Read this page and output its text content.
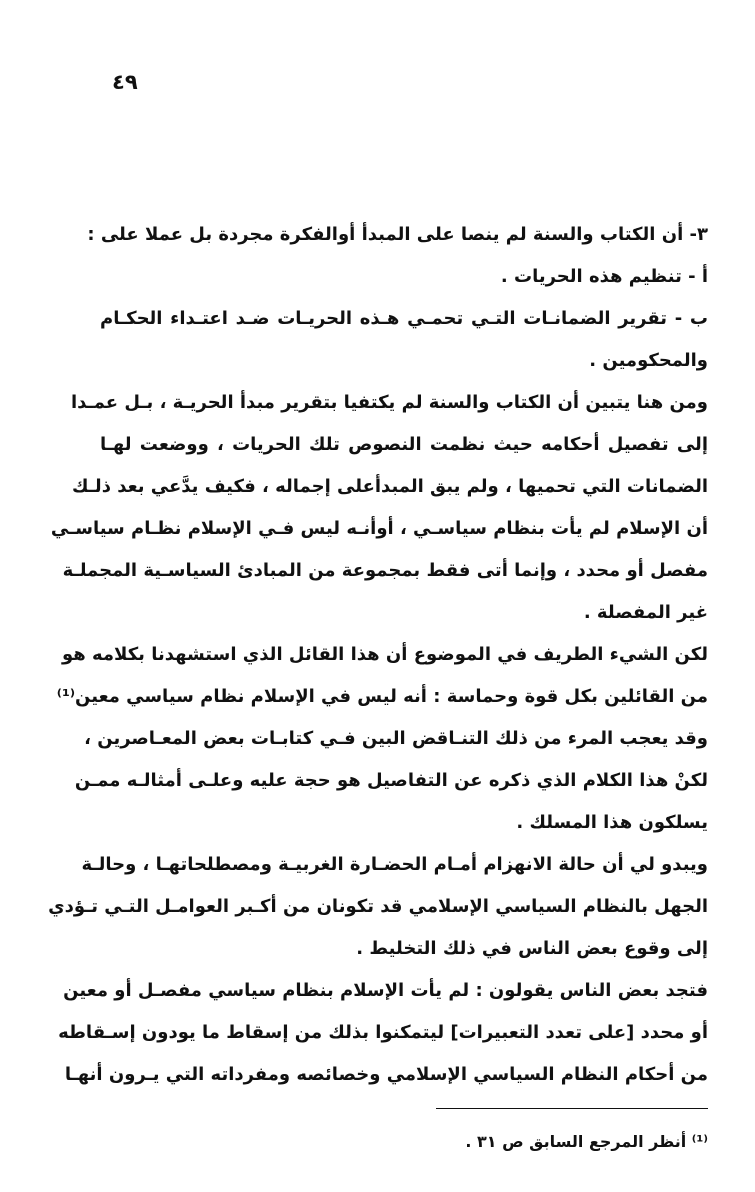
٤٩
٣- أن الكتاب والسنة لم ينصا على المبدأ أوالفكرة مجردة بل عملا على :
أ - تنظيم هذه الحريات .
ب - تقرير الضمانـات التـي تحمـي هـذه الحريـات ضـد اعتـداء الحكـام
والمحكومين .
ومن هنا يتبين أن الكتاب والسنة لم يكتفيا بتقرير مبدأ الحريـة ، بـل عمـدا
إلى تفصيل أحكامه حيث نظمت النصوص تلك الحريات ، ووضعت لهـا
الضمانات التي تحميها ، ولم يبق المبدأعلى إجماله ، فكيف يدَّعي بعد ذلـك
أن الإسلام لم يأت بنظام سياسـي ، أوأنـه ليس فـي الإسلام نظـام سياسـي
مفصل أو محدد ، وإنما أتى فقط بمجموعة من المبادئ السياسـية المجملـة
غير المفصلة .
لكن الشيء الطريف في الموضوع أن هذا القائل الذي استشهدنا بكلامه هو
من القائلين بكل قوة وحماسة : أنه ليس في الإسلام نظام سياسي معين⁽¹⁾
وقد يعجب المرء من ذلك التنـاقض البين فـي كتابـات بعض المعـاصرين ،
لكنْ هذا الكلام الذي ذكره عن التفاصيل هو حجة عليه وعلـى أمثالـه ممـن
يسلكون هذا المسلك .
ويبدو لي أن حالة الانهزام أمـام الحضـارة الغربيـة ومصطلحاتهـا ، وحالـة
الجهل بالنظام السياسي الإسلامي قد تكونان من أكـبر العوامـل التـي تـؤدي
إلى وقوع بعض الناس في ذلك التخليط .
فتجد بعض الناس يقولون : لم يأت الإسلام بنظام سياسي مفصـل أو معين
أو محدد [على تعدد التعبيرات] ليتمكنوا بذلك من إسقاط ما يودون إسـقاطه
من أحكام النظام السياسي الإسلامي وخصائصه ومفرداته التي يـرون أنهـا
⁽¹⁾ أنظر المرجع السابق ص ٣١ .
